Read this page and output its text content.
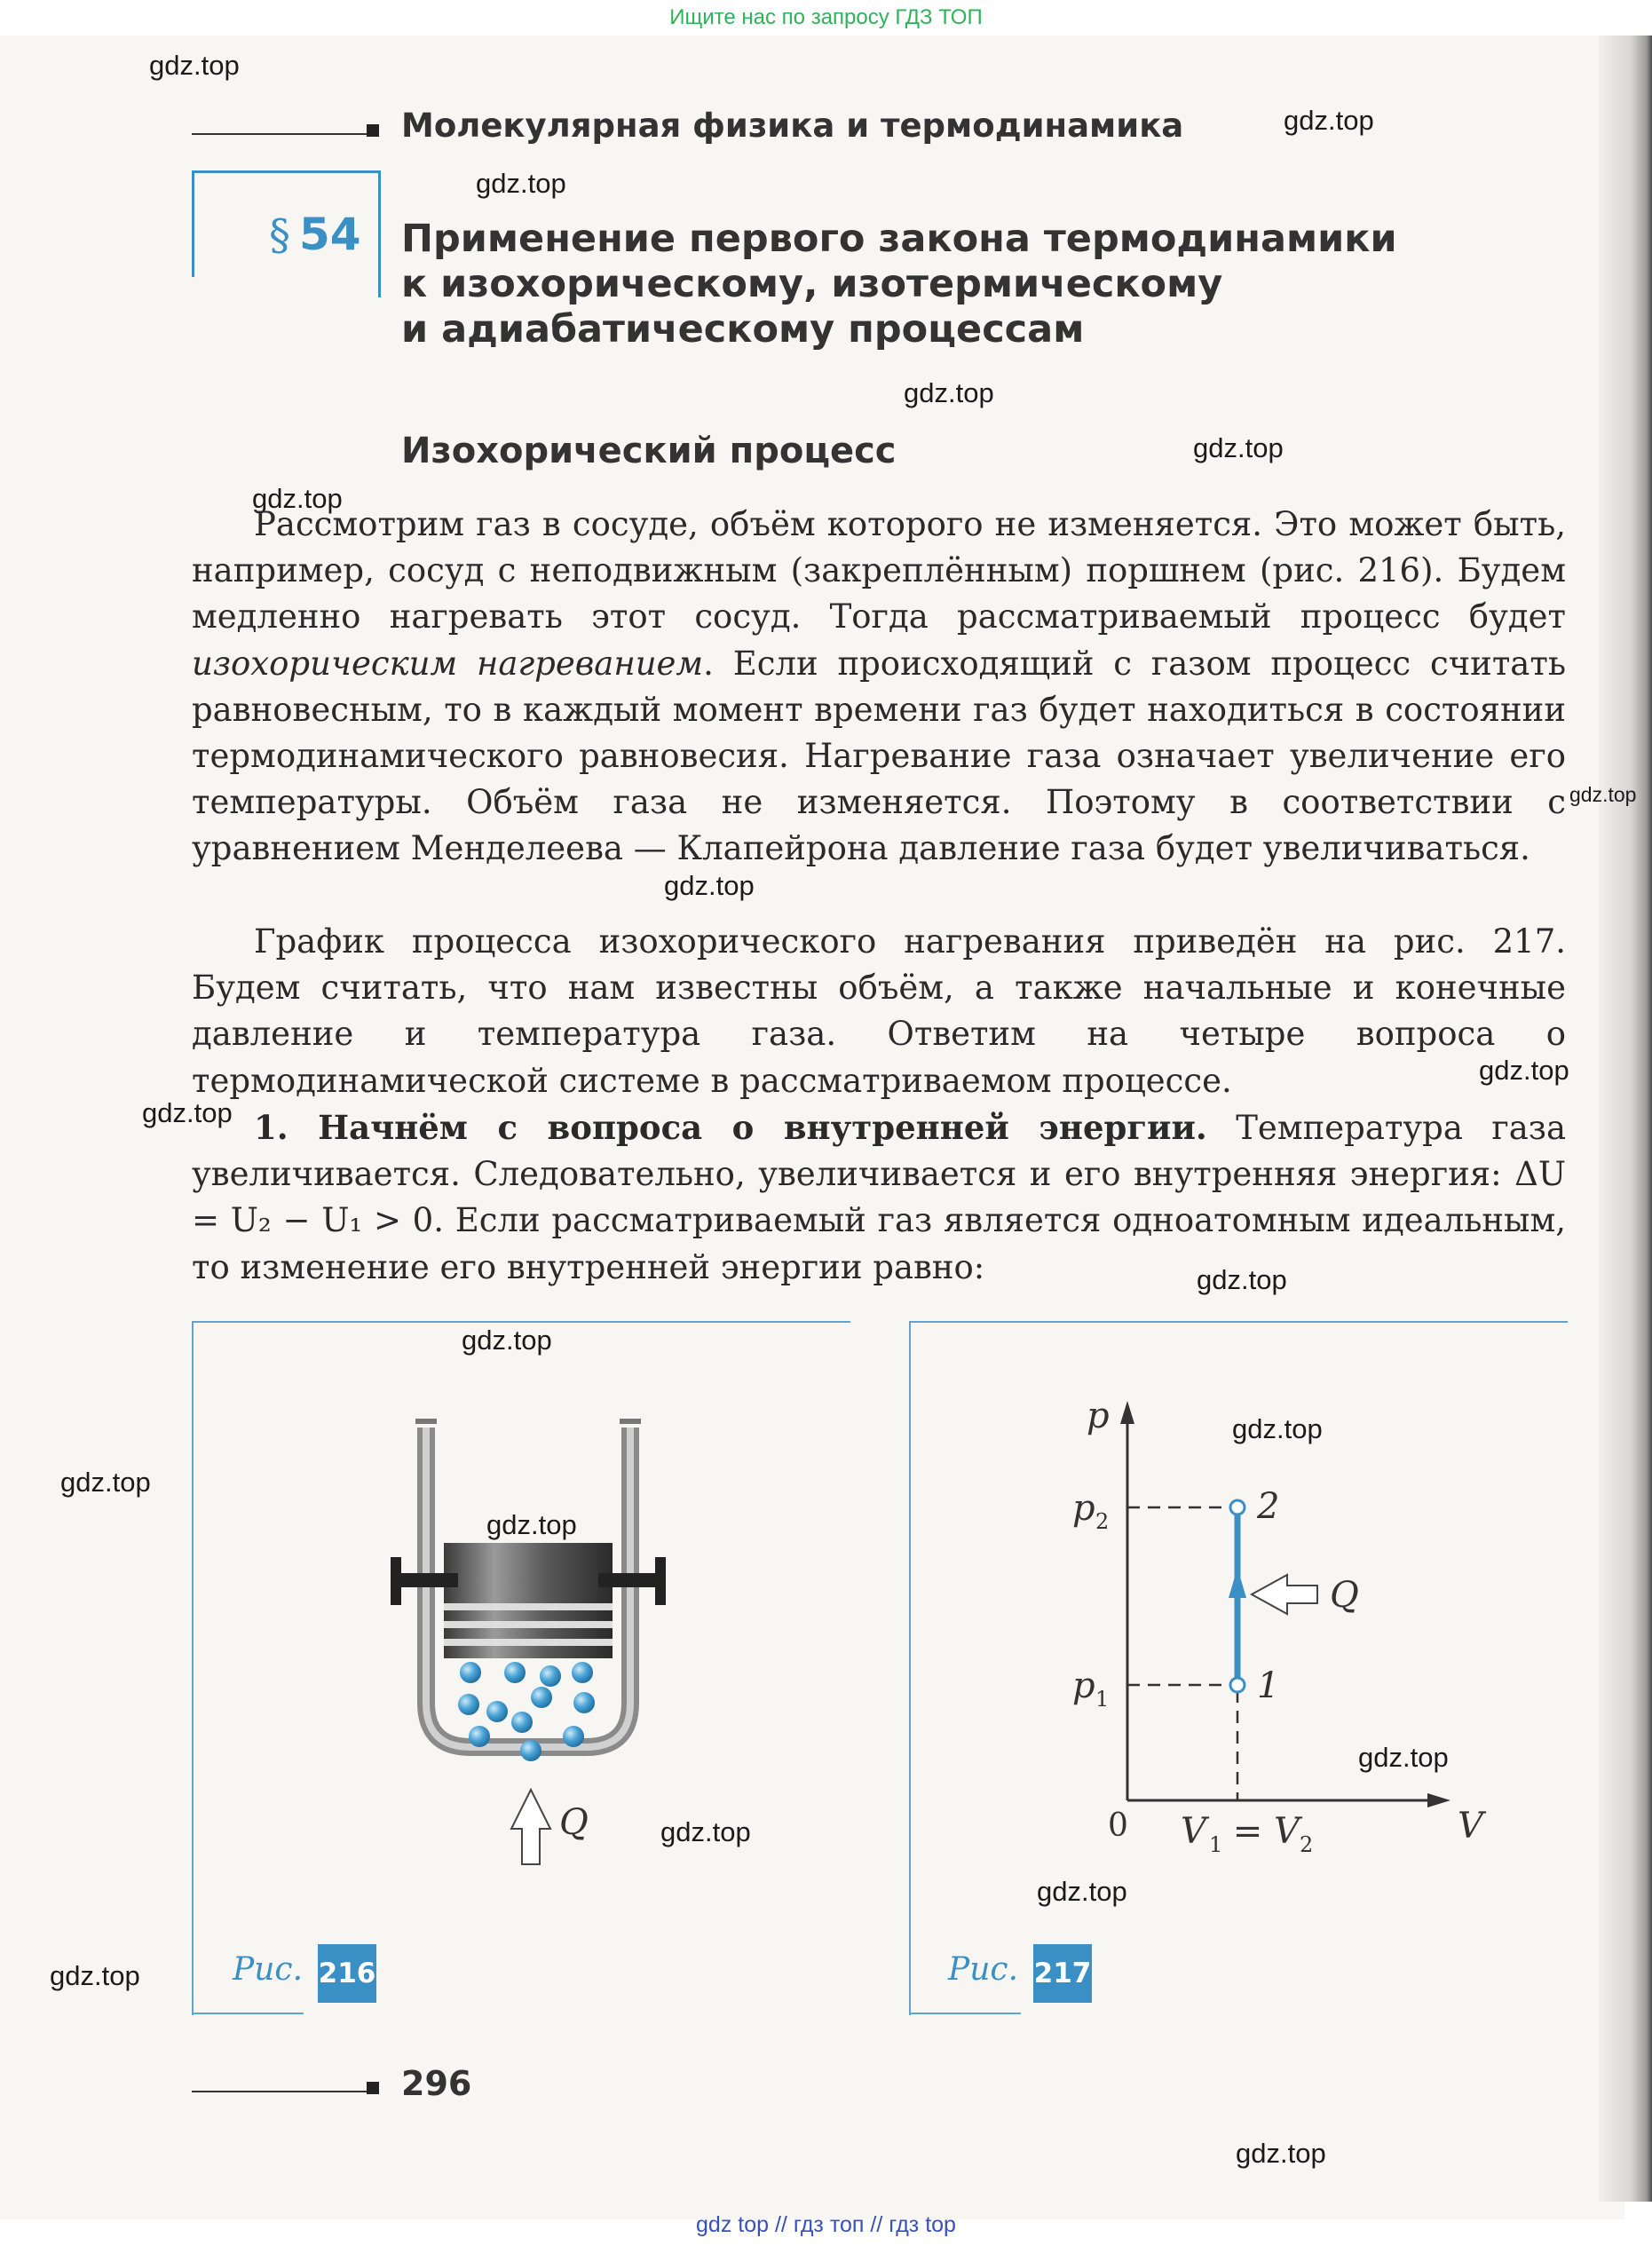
Ищите нас по запросу ГДЗ ТОП
gdz.top
gdz.top
gdz.top
gdz.top
gdz.top
gdz.top
gdz.top
gdz.top
gdz.top
gdz.top
gdz.top
gdz.top
gdz.top
gdz.top
gdz.top
gdz.top
gdz.top
gdz.top
gdz.top
gdz.top
Молекулярная физика и термодинамика
§ 54 Применение первого закона термодинамики
к изохорическому, изотермическому
и адиабатическому процессам
Изохорический процесс
Рассмотрим газ в сосуде, объём которого не изменяется. Это может быть, например, сосуд с неподвижным (закреплённым) поршнем (рис. 216). Будем медленно нагревать этот сосуд. Тогда рассматриваемый процесс будет изохорическим нагреванием. Если происходящий с газом процесс считать равновесным, то в каждый момент времени газ будет находиться в состоянии термодинамического равновесия. Нагревание газа означает увеличение его температуры. Объём газа не изменяется. Поэтому в соответствии с уравнением Менделеева — Клапейрона давление газа будет увеличиваться.
График процесса изохорического нагревания приведён на рис. 217. Будем считать, что нам известны объём, а также начальные и конечные давление и температура газа. Ответим на четыре вопроса о термодинамической системе в рассматриваемом процессе.
1. Начнём с вопроса о внутренней энергии. Температура газа увеличивается. Следовательно, увеличивается и его внутренняя энергия: ΔU = U₂ − U₁ > 0. Если рассматриваемый газ является одноатомным идеальным, то изменение его внутренней энергии равно:
Q
Рис. 216
p
V
0
p 2
p 1
2
1
Q
V 1
= V 2
Рис. 217
296
gdz top // гдз топ // гдз top
